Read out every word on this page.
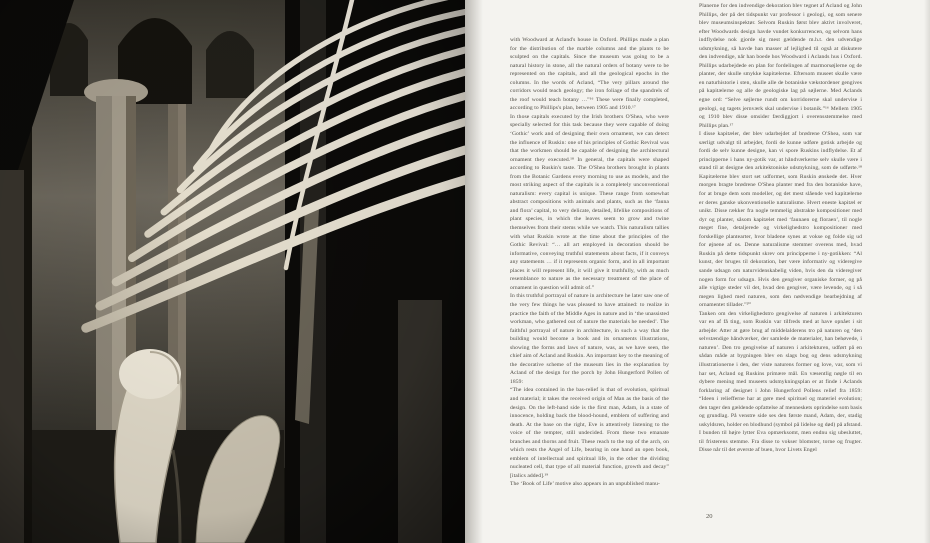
with Woodward at Acland's house in Oxford. Phillips made a plan for the distribution of the marble columns and the plants to be sculpted on the capitals. Since the museum was going to be a natural history in stone, all the natural orders of botany were to be represented on the capitals, and all the geological epochs in the columns. In the words of Acland, “The very pillars around the corridors would teach geology; the iron foliage of the spandrels of the roof would teach botany …”¹⁶ These were finally completed, according to Phillips's plan, between 1905 and 1910.¹⁷

In those capitals executed by the Irish brothers O'Shea, who were specially selected for this task because they were capable of doing ‘Gothic’ work and of designing their own ornament, we can detect the influence of Ruskin: one of his principles of Gothic Revival was that the workmen should be capable of designing the architectural ornament they executed.¹⁸ In general, the capitals were shaped according to Ruskin's taste. The O'Shea brothers brought in plants from the Botanic Gardens every morning to use as models, and the most striking aspect of the capitals is a completely unconventional naturalism: every capital is unique. These range from somewhat abstract compositions with animals and plants, such as the ‘fauna and flora’ capital, to very delicate, detailed, lifelike compositions of plant species, in which the leaves seem to grow and twine themselves from their stems while we watch. This naturalism tallies with what Ruskin wrote at the time about the principles of the Gothic Revival: “… all art employed in decoration should be informative, conveying truthful statements about facts, if it conveys any statements … if it represents organic form, and in all important places it will represent life, it will give it truthfully, with as much resemblance to nature as the necessary treatment of the place of ornament in question will admit of.”

In this truthful portrayal of nature in architecture he later saw one of the very few things he was pleased to have attained: to realize in practice the faith of the Middle Ages in nature and in ‘the unassisted workman, who gathered out of nature the materials he needed’. The faithful portrayal of nature in architecture, in such a way that the building would become a book and its ornaments illustrations, showing the forms and laws of nature, was, as we have seen, the chief aim of Acland and Ruskin. An important key to the meaning of the decorative scheme of the museum lies in the explanation by Acland of the design for the porch by John Hungerford Pollen of 1859:

“The idea contained in the bas-relief is that of evolution, spiritual and material; it takes the received origin of Man as the basis of the design. On the left-hand side is the first man, Adam, in a state of innocence, holding back the blood-hound, emblem of suffering and death. At the base on the right, Eve is attentively listening to the voice of the tempter, still undecided. From these two emanate branches and thorns and fruit. These reach to the top of the arch, on which rests the Angel of Life, bearing in one hand an open book, emblem of intellectual and spiritual life, in the other the dividing nucleated cell, that type of all material function, growth and decay” [italics added].¹⁹

The ‘Book of Life’ motive also appears in an unpublished manu-

Planerne for den indvendige dekoration blev tegnet af Acland og John Phillips, der på det tidspunkt var professor i geologi, og som senere blev museumsinspektør. Selvom Ruskin først blev aktivt involveret, efter Woodwards design havde vundet konkurrencen, og selvom hans indflydelse nok gjorde sig mest gældende m.h.t. den udvendige udsmykning, så havde han masser af lejlighed til også at diskutere den indvendige, når han boede hos Woodward i Aclands hus i Oxford. Phillips udarbejdede en plan for fordelingen af marmorsøjlerne og de planter, der skulle smykke kapitælerne. Eftersom museet skulle være en naturhistorie i sten, skulle alle de botaniske vækstordener gengives på kapitælerne og alle de geologiske lag på søjlerne. Med Aclands egne ord: “Selve søjlerne rundt om korridorerne skal undervise i geologi, og tagets jernværk skal undervise i botanik.”¹⁶ Mellem 1905 og 1910 blev disse omsider færdiggjort i overensstemmelse med Phillips plan.¹⁷

I disse kapitæler, der blev udarbejdet af brødrene O'Shea, som var særligt udvalgt til arbejdet, fordi de kunne udføre gotisk arbejde og fordi de selv kunne designe, kan vi spore Ruskins indflydelse. Et af principperne i hans ny-gotik var, at håndværkerne selv skulle være i stand til at designe den arkitektoniske udsmykning, som de udførte.¹⁸ Kapitælerne blev stort set udformet, som Ruskin ønskede det. Hver morgen bragte brødrene O'Shea planter med fra den botaniske have, for at bruge dem som modeller, og det mest slående ved kapitælerne er deres ganske ukonventionelle naturalisme. Hvert eneste kapitæl er unikt. Disse rækker fra nogle temmelig abstrakte kompositioner med dyr og planter, såsom kapitælet med ‘faunaen og floraen’, til nogle meget fine, detaljerede og virkelighedstro kompositioner med forskellige plantearter, hvor bladene synes at vokse og folde sig ud for øjnene af os. Denne naturalisme stemmer overens med, hvad Ruskin på dette tidspunkt skrev om principperne i ny-gotikken: “Al kunst, der bruges til dekoration, bør være informativ og videregive sande udsagn om naturvidenskabelig viden, hvis den da videregiver nogen form for udsagn. Hvis den gengiver organiske former, og på alle vigtige steder vil det, hvad den gengiver, være levende, og i så megen lighed med naturen, som den nødvendige bearbejdning af ornamentet tillader.”²⁰

Tanken om den virkelighedstro gengivelse af naturen i arkitekturen var en af få ting, som Ruskin var tilfreds med at have opnået i sit arbejde: Atter at gøre brug af middelalderens tro på naturen og ‘den selvstændige håndværker, der samlede de materialer, han behøvede, i naturen’. Den tro gengivelse af naturen i arkitekturen, udført på en sådan måde at bygningen blev en slags bog og dens udsmykning illustrationerne i den, der viste naturens former og love, var, som vi har set, Acland og Ruskins primære mål. En væsentlig nøgle til en dybere mening med museets udsmykningsplan er at finde i Aclands forklaring af designet i John Hungerford Pollens relief fra 1859: “Ideen i reliefferne har at gøre med spirituel og materiel evolution; den tager den gældende opfattelse af menneskets oprindelse som basis og grundlag. På venstre side ses den første mand, Adam, der, stadig uskyldsren, holder en blodhund (symbol på lidelse og død) på afstand. I bunden til højre lytter Eva opmærksomt, men endnu sig ubesluttet, til fristerens stemme. Fra disse to vokser blomster, torne og frugter. Disse når til det øverste af buen, hvor Livets Engel

20
